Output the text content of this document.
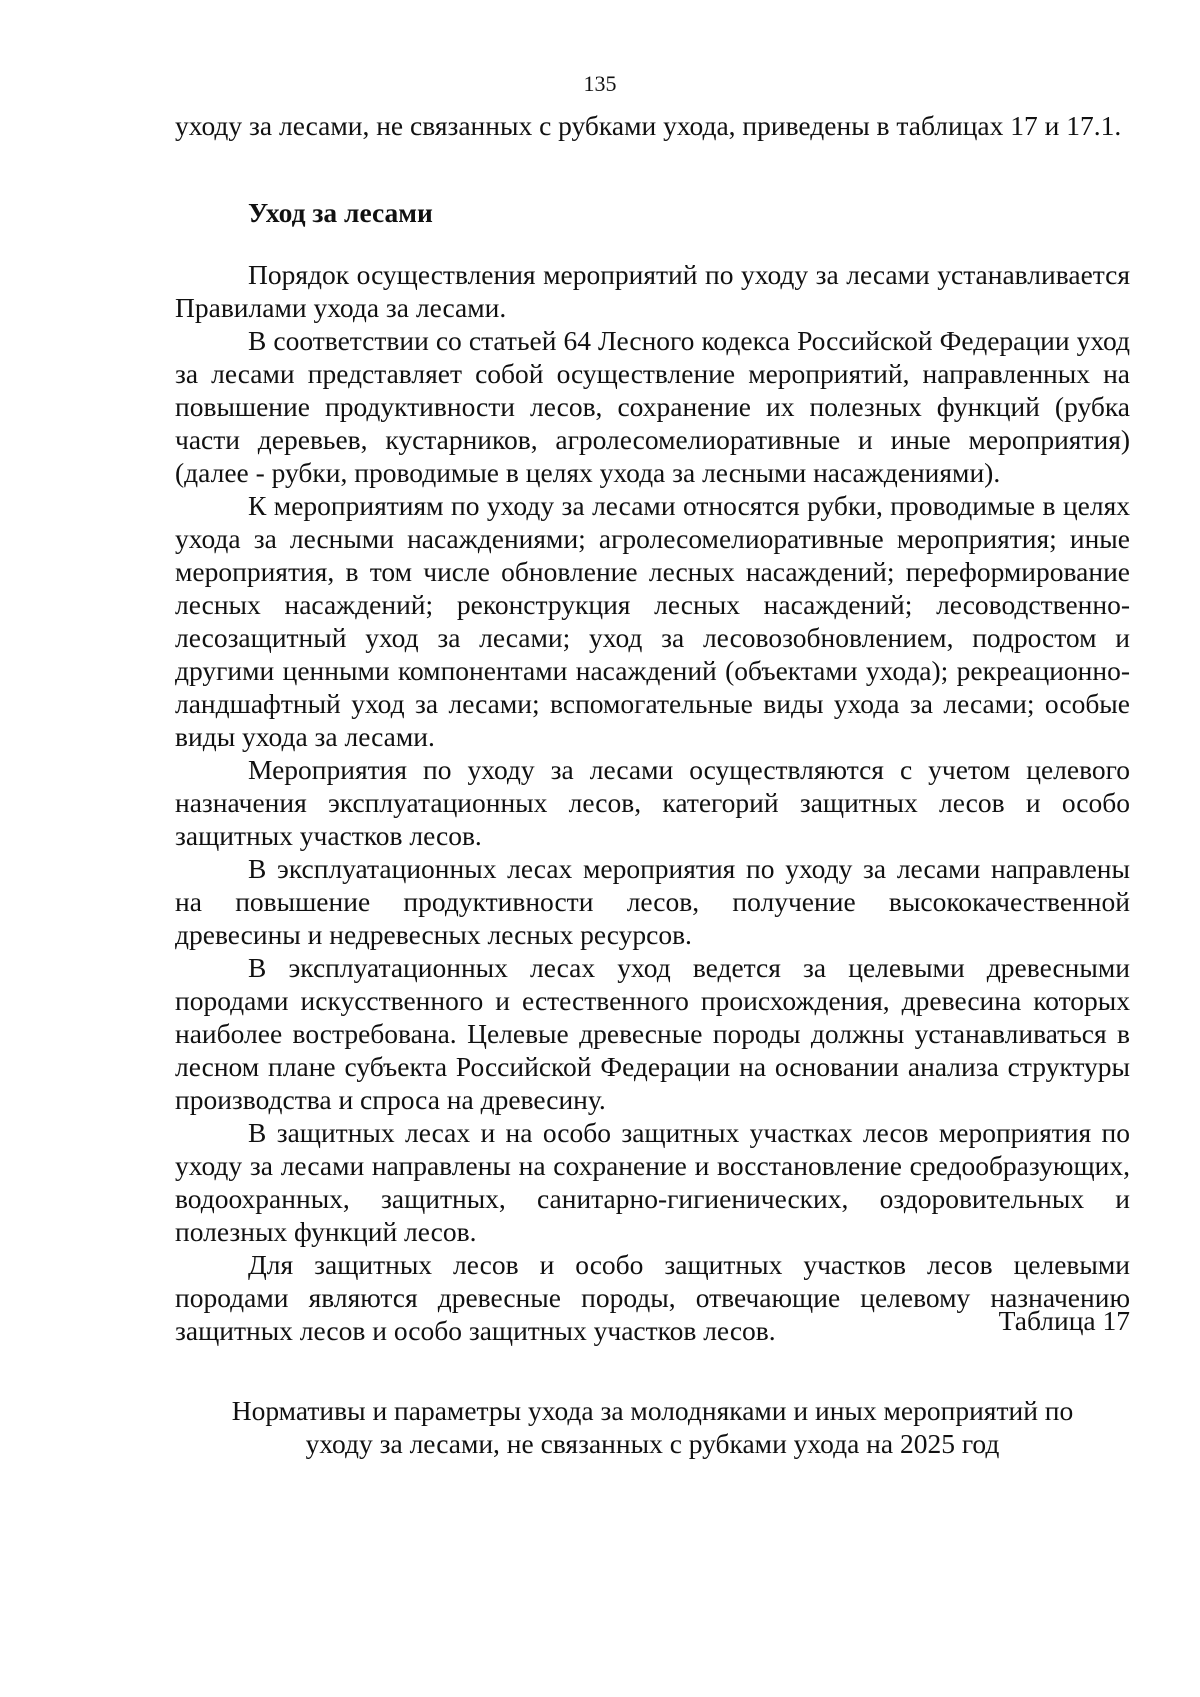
135

уходу за лесами, не связанных с рубками ухода, приведены в таблицах 17 и 17.1.

Уход за лесами

Порядок осуществления мероприятий по уходу за лесами устанавливается Правилами ухода за лесами.

В соответствии со статьей 64 Лесного кодекса Российской Федерации уход за лесами представляет собой осуществление мероприятий, направленных на повышение продуктивности лесов, сохранение их полезных функций (рубка части деревьев, кустарников, агролесомелиоративные и иные мероприятия) (далее - рубки, проводимые в целях ухода за лесными насаждениями).

К мероприятиям по уходу за лесами относятся рубки, проводимые в целях ухода за лесными насаждениями; агролесомелиоративные мероприятия; иные мероприятия, в том числе обновление лесных насаждений; переформирование лесных насаждений; реконструкция лесных насаждений; лесоводственно-лесозащитный уход за лесами; уход за лесовозобновлением, подростом и другими ценными компонентами насаждений (объектами ухода); рекреационно-ландшафтный уход за лесами; вспомогательные виды ухода за лесами; особые виды ухода за лесами.

Мероприятия по уходу за лесами осуществляются с учетом целевого назначения эксплуатационных лесов, категорий защитных лесов и особо защитных участков лесов.

В эксплуатационных лесах мероприятия по уходу за лесами направлены на повышение продуктивности лесов, получение высококачественной древесины и недревесных лесных ресурсов.

В эксплуатационных лесах уход ведется за целевыми древесными породами искусственного и естественного происхождения, древесина которых наиболее востребована. Целевые древесные породы должны устанавливаться в лесном плане субъекта Российской Федерации на основании анализа структуры производства и спроса на древесину.

В защитных лесах и на особо защитных участках лесов мероприятия по уходу за лесами направлены на сохранение и восстановление средообразующих, водоохранных, защитных, санитарно-гигиенических, оздоровительных и полезных функций лесов.

Для защитных лесов и особо защитных участков лесов целевыми породами являются древесные породы, отвечающие целевому назначению защитных лесов и особо защитных участков лесов.	Таблица 17
Нормативы и параметры ухода за молодняками и иных мероприятий по
уходу за лесами, не связанных с рубками ухода на 2025 год
